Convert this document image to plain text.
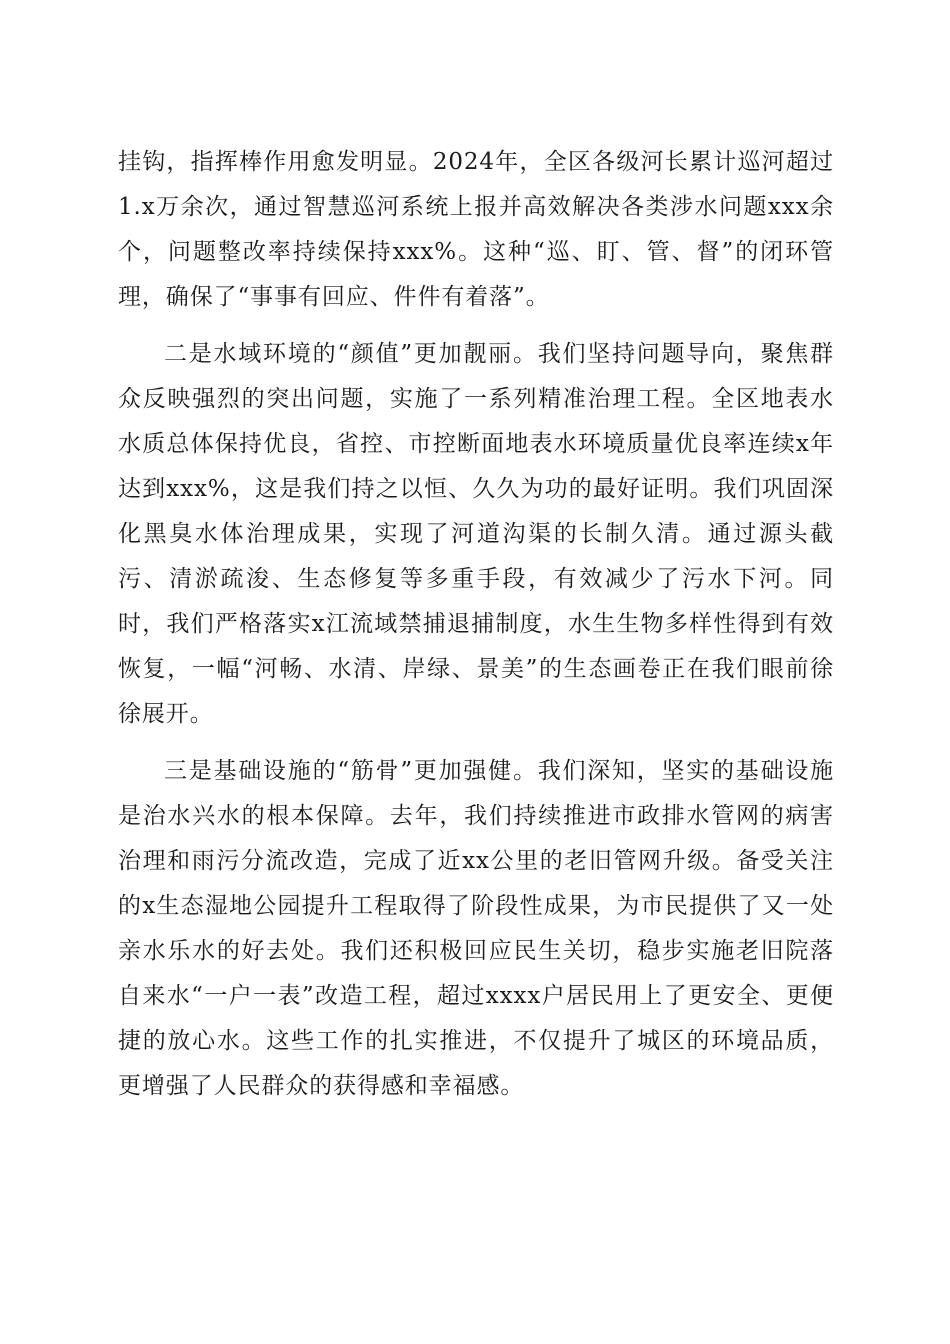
挂钩，指挥棒作用愈发明显。2024年，全区各级河长累计巡河超过1.x万余次，通过智慧巡河系统上报并高效解决各类涉水问题xxx余个，问题整改率持续保持xxx%。这种“巡、盯、管、督”的闭环管理，确保了“事事有回应、件件有着落”。

二是水域环境的“颜值”更加靓丽。我们坚持问题导向，聚焦群众反映强烈的突出问题，实施了一系列精准治理工程。全区地表水水质总体保持优良，省控、市控断面地表水环境质量优良率连续x年达到xxx%，这是我们持之以恒、久久为功的最好证明。我们巩固深化黑臭水体治理成果，实现了河道沟渠的长制久清。通过源头截污、清淤疏浚、生态修复等多重手段，有效减少了污水下河。同时，我们严格落实x江流域禁捕退捕制度，水生生物多样性得到有效恢复，一幅“河畅、水清、岸绿、景美”的生态画卷正在我们眼前徐徐展开。

三是基础设施的“筋骨”更加强健。我们深知，坚实的基础设施是治水兴水的根本保障。去年，我们持续推进市政排水管网的病害治理和雨污分流改造，完成了近xx公里的老旧管网升级。备受关注的x生态湿地公园提升工程取得了阶段性成果，为市民提供了又一处亲水乐水的好去处。我们还积极回应民生关切，稳步实施老旧院落自来水“一户一表”改造工程，超过xxxx户居民用上了更安全、更便捷的放心水。这些工作的扎实推进，不仅提升了城区的环境品质，更增强了人民群众的获得感和幸福感。
